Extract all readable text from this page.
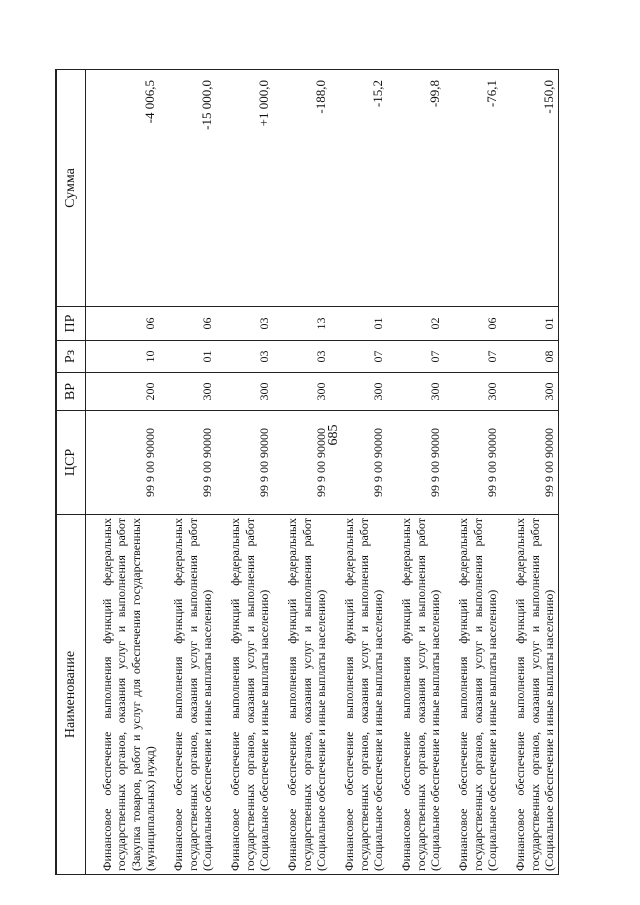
685
Наименование	ЦСР	ВР	Рз	ПР	Сумма
Финансовое обеспечение выполнения функций федеральных государственных органов, оказания услуг и выполнения работ (Закупка товаров, работ и услуг для обеспечения государственных (муниципальных) нужд)	99 9 00 90000	200	10	06	-4 006,5
Финансовое обеспечение выполнения функций федеральных государственных органов, оказания услуг и выполнения работ (Социальное обеспечение и иные выплаты населению)	99 9 00 90000	300	01	06	-15 000,0
Финансовое обеспечение выполнения функций федеральных государственных органов, оказания услуг и выполнения работ (Социальное обеспечение и иные выплаты населению)	99 9 00 90000	300	03	03	+1 000,0
Финансовое обеспечение выполнения функций федеральных государственных органов, оказания услуг и выполнения работ (Социальное обеспечение и иные выплаты населению)	99 9 00 90000	300	03	13	-188,0
Финансовое обеспечение выполнения функций федеральных государственных органов, оказания услуг и выполнения работ (Социальное обеспечение и иные выплаты населению)	99 9 00 90000	300	07	01	-15,2
Финансовое обеспечение выполнения функций федеральных государственных органов, оказания услуг и выполнения работ (Социальное обеспечение и иные выплаты населению)	99 9 00 90000	300	07	02	-99,8
Финансовое обеспечение выполнения функций федеральных государственных органов, оказания услуг и выполнения работ (Социальное обеспечение и иные выплаты населению)	99 9 00 90000	300	07	06	-76,1
Финансовое обеспечение выполнения функций федеральных государственных органов, оказания услуг и выполнения работ (Социальное обеспечение и иные выплаты населению)	99 9 00 90000	300	08	01	-150,0
